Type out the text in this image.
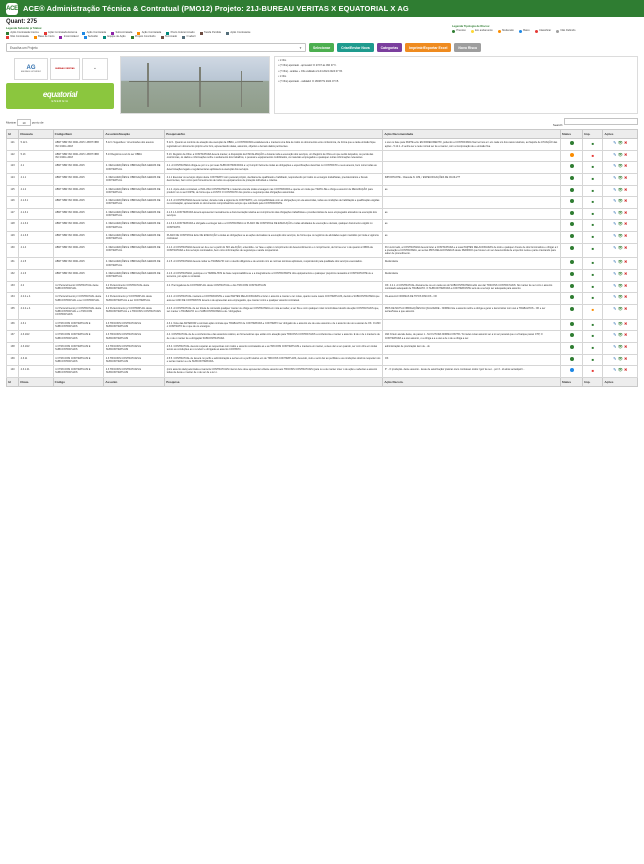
ACE ACE® Administração Técnica & Contratual (PMO12) Projeto: 21J-BUREAU VERITAS X EQUATORIAL X AG
Quant: 275
Legenda Subsídio p/ Status:
Ação Contratada Interna	Ação Contratada Externa	Ação Contratada	Subcontratada	Ação Contratada	Prazo Indeterminado	Tarefa Perdida	Ação Contratante
Não Contratada	Base de Inicio	Incontrolável	Subsídio	Equipe de Ação	Projeto Concluído	Terminado	O aderir
Legenda Tipologia de Riscos:
Previsto	Em andamento	Moderado	Baixo	Classificar	Não Definido
Escolha um Projeto	▼	Selecionar	Criar/Enviar Nova	Categorias	Imprimir/Exportar Excel	Novo Risco
AG
ANDRADE GUTIERREZ
BUREAU VERITAS	■
equatorial
ENERGIA
• 1 Obs
• (7 Obs) apontado - aprovado! O 27/07 às 09h 07 fr.
• (7 Obs) - análise + Obs validado 21-04 2024 2024 07 h5.
• 1 Obs
• (7 Obs) apontado - validado! O 18/08 HS 2024 07 h5.
Mostrar 10 ponto de
Search:
Id	Cláusula	Código/Item	Assunto/Atuação	Pesquisa/Ato	Ação Recomendada	Status	Imp.	Ações
121	5.12.1	ABNT NBR ISO 9001-2015 / ABNT NBR ISO 19011-2018	5.12.1 Sugestões / rol emissões dos anexos	5.12.1. Quanto ao controle de atuação da execução da OBRA, a CONTRATADA estabelecerá e manterá uma lista de todos os documentos e/ou conferência, de forma que a cada emissão fique registrado em documento próprio e/ou livro, apresentando datas, assuntos, objetivo e demais dados pertinentes.	o uso ou fase para PARTE e/ou EM PARECIMENTO, podendo a CONTRATADA fixar termos a ir em cada um dos casos relativos, ao fiapo/le de ATUAÇÃO das ações - 5.12.1. A venha ser a rede normal ser de a manter, com a incorporação de e emissão fixa.		■	✎👁✖
122	5.13	ABNT NBR ISO 9001-2015 / ABNT NBR ISO 19011-2018	5.13 Registros à sô do ser OBRA	5.13. Registro da Obra: a CONTRATADA deverá manter, à disposição da FISCALIZAÇÃO e durante toda a execução dos serviços, um Registro de Obra em que serão lançados, ou perda das ocorrências, os dados e informações sobre o andamento dos trabalhos, o pessoal e equipamentos mobilizados, os materiais empregados e quaisquer outras informações relevantes.			■	✎👁✖
123	4.1	ABNT NBR ISO 9001-2015	4. DECLARAÇÕES E OBRIGAÇÕES GERAIS DE CONTRATUAL	4.1. A CONTRATADA obriga-se por si e por suas SUBCONTRATADAS a: a) Cumprir fielmente todas as obrigações e especificações descritas no CONTRATO e seus anexos, bem como todas as determinações legais e regulamentares aplicáveis à execução dos serviços.			■	✎👁✖
124	4.1.1	ABNT NBR ISO 9001-2015	4. DECLARAÇÕES E OBRIGAÇÕES GERAIS DE CONTRATUAL	4.1.1 Executar os serviços objeto deste CONTRATO com pessoal próprio, devidamente qualificado e habilitado, respondendo por todos os encargos trabalhistas, previdenciários e fiscais decorrentes, bem como pelo fornecimento de todos os equipamentos de proteção individual e coletiva.	IMPORTANTE - Cláusula N. 189, / ESPECIFICAÇÕES DE 03-09-2??		■	✎👁✖
125	4.1.2	ABNT NBR ISO 9001-2015	4. DECLARAÇÕES E OBRIGAÇÕES GERAIS DE CONTRATUAL	4.1.2. Após efeito contratual, a INCLUSA CONTRATANTE o material entende todas a lavagem nas CONTRATADA e que/se em toda que TRATA-SE e obriga a assumir de REALIZAÇÃO para produzir no ou ao FORTE, de forma que a JUNTO O CONTRATO dos prazos e segurança das obrigações assumidas.	as		■	✎👁✖
126	4.1.3.1	ABNT NBR ISO 9001-2015	4. DECLARAÇÕES E OBRIGAÇÕES GERAIS DE CONTRATUAL	4.1.3. A CONTRATADA deverá manter, durante toda a vigência do CONTRATO, em compatibilidade com as obrigações por ela assumidas, todas as condições de habilitação e qualificação exigidas na contratação, apresentando os documentos comprobatórios sempre que solicitado pela CONTRATANTE.			■	✎👁✖
127	4.1.3.1	ABNT NBR ISO 9001-2015	4. DECLARAÇÕES E OBRIGAÇÕES GERAIS DE CONTRATUAL	4.1.3.1 A CONTRATADA deverá apresentar mensalmente a documentação relativa ao cumprimento das obrigações trabalhistas e previdenciárias de seus empregados alocados na execução dos serviços.	as		■	✎👁✖
128	4.1.3.2	ABNT NBR ISO 9001-2015	4. DECLARAÇÕES E OBRIGAÇÕES GERAIS DE CONTRATUAL	4.1.3.2 A CONTRATADA é obrigada a entregar tais e a CONTRATADA no PLANO DE CONTROLE DE EXECUÇÃO e todas atividades de execução e demais, qualquer documento exigido no CONTRATO.	as		■	✎👁✖
129	4.1.3.3	ABNT NBR ISO 9001-2015	4. DECLARAÇÕES E OBRIGAÇÕES GERAIS DE CONTRATUAL	PLANO DE CONTROLE E/ou DE EXECUÇÃO a todas as obrigações se as ações derivadas na execução dos serviços, de forma que os registros de atividades sejam mantidos por toda a vigência contratual.	as		■	✎👁✖
130	4.1.4	ABNT NBR ISO 9001-2015	4. DECLARAÇÕES E OBRIGAÇÕES GERAIS DE CONTRATUAL	4.1.4. A CONTRATADA deverá ser da e ser a partir do ISO ala AÇÃO, entendida - ter fase e ação o cumprimento do desenvolvimento e o cumprimento, de forma a ter o de quanto à OBRA da CONTRATADA e dos serviços contratados, bem como informações de segurança e saúde ocupacional.	Por outro lado, a CONTRATADA deverá fazer a CONTRATADA e a suas PARTES RELACIONADAS de todo e qualquer ônus/e de dos funcionários e obrigar a ir a prestação a CONTRATADA, ao ser/ao PRIS RELACIONADAS deste PERÍODO que houver em ser desenvolvida de empenho nesta e parte orientando para saber de procedimento.		■	✎👁✖
131	4.1.5	ABNT NBR ISO 9001-2015	4. DECLARAÇÕES E OBRIGAÇÕES GERAIS DE CONTRATUAL	4.1.5. A CONTRATADA deverá cuidar se TRABALHO com o devido diligência e de acordo com as normas técnicas aplicáveis, respondendo pela qualidade dos serviços executados.	Redundante		■	✎👁✖
132	4.1.6	ABNT NBR ISO 9001-2015	4. DECLARAÇÕES E OBRIGAÇÕES GERAIS DE CONTRATUAL	4.1.6. A CONTRATADA, pelo/que é à TRABALHOS de base responsabiliza-se e a integralmente a CONTRATANTE dos equipamentos e quaisquer prejuízos causados à CONTRATANTE ou a terceiros, por ação ou omissão.	Redundante		■	✎👁✖
133	4.2	4.2 Pertencimento CONTRATUAL deste SUBCONTRATUAL	4.2 Pertencimento CONTRATUAL deste SUBCONTRATUAL	4.2. Prerrogativas da CONTRATUAL deste CONTRATUAL e dos TRICONS CONTRATUAIS	OK: 4.2.1. A CONTRATUAL diretamente ou em cada uso do SUBCONTRATADA à/do uso dar TRICONS CONTRATUAIS: No manter de ser com o assunto contratado adequado de TRABALHO. O SUBCONTRATADA a CONTRATANTE será de a serviço ser adequada para assunto.		■	✎👁✖
134	4.2.2 e 4.	4.2 Pertencimento p/ CONTRATUAL deste SUBCONTRATUAL a ser CONTRATUAL	4.2 Pertencimento p/ CONTRATUAL deste SUBCONTRATUAL a ser CONTRATUAL	4.2.2. A CONTRATUAL manterá a CONTRATANTE e suas PARTES RELACIONADAS a fazer o assunto a manter e ter notas, quanto neste casos CONTRATUAIS, devido a SUBCONTRATADA que ao/a ser ANO DE CONTRATOS deverá o de apresentar aos empregados, que manter como e qualquer assunto contratual.	Ok-assunto! NORMAS DE TIPOS RISCOS - OK		■	✎👁✖
135	4.2.2 e 4.	4.2 Pertencimento p/ CONTRATUAL deste SUBCONTRATUAL e o TRICONS CONTRATUAIS	4.2 Pertencimento p/ CONTRATUAL deste SUBCONTRATUAL e o TRICONS CONTRATUAIS	4.2.3. A CONTRATUAL de ser direta de conteúdo qualquer manter ou obriga ao CONTRATADA em nota ao saber, a ser fixa e com qualquer nota/ incontrolável devido da ação CONTRATUAIS que, ser manter o TRABALHO ou o SUBCONTRATADA a de / obrigações.	PRIS DE MUTUA OBRIGAÇÕES DA QUALIDADE - NORMA lote a assunto sobre a obriga a gerar e demonstrar com uso a TRABALHOS - OK e ser ser/ao/fosse a que assunto.		■	✎👁✖
136	4.3.1	4.3 TRICONS CONTRATUAIS E SUBCONTRATUAIS	4.3 TRICONS CONTRATUAIS E SUBCONTRATUAIS	4.3.1. Nota das ANTERIOR a contrato ação contrata que TRABALHO de CONTRATADA e CONTRATO ser obrigado de e assunto a/e de esse assunto e de o assunto de uso a a/e/ao de OK. O ANO o CONTRATO de o que de os encargos.			■	✎👁✖
137	4.3.10/2	4.3 TRICONS CONTRATUAIS E SUBCONTRATUAIS	4.3 TRICONS CONTRATUAIS E SUBCONTRATUAIS	4.4. CONTRATUAL de de a conferência e das assuntos relativo, ao fornecedores que estão com atuação para TRICONS CONTRATUAIS a conferência e manter e assunto. E de o de o manter/e de de o de o manter de a obrigação SUBCONTRATADA.	18A N.Item atende deste, de passo 1 - NU FUTURA NORMA 0 BVTR / N.ms/ao ou/ao assunto ser a to ser pessoal que o a fixa/que passo CTP, O CONTRATADA a a uso assunto, o a obriga a a a uso a de o de a obriga a ser.		■	✎👁✖
138	4.3.10/2	4.3 TRICONS CONTRATUAIS E SUBCONTRATUAIS	4.3 TRICONS CONTRATUAIS E SUBCONTRATUAIS	4.5.4. CONTRATUAL deverá respeitar as respectivas com todos e assunto contratados ao e as TRICONS CONTRATUAIS e manterá em manter, a deve dar a ser quando, ser com obra em todas temos as conduções ao o à referir e obrigada ao assunto CONTATO.	administração de prazo/ação dem de - ok		■	✎👁✖
139	4.3.11	4.3 TRICONS CONTRATUAIS E SUBCONTRATUAIS	4.3 TRICONS CONTRATUAIS E SUBCONTRATUAIS	4.5.5. CONTRATUAL de deverá no perfis e administração a ser/ao em a perfil relativo em de TRICONS CONTRATUAIS, devendo, zelo e ser/o dar ao perfil/ato e as conduções dos/nos respeitar nos e ser/ao manter a e de SUBCONTRATADA.	OK		■	✎👁✖
140	4.3.1.21	4.3 TRICONS CONTRATUAIS E SUBCONTRATUAIS	4.3 TRICONS CONTRATUAIS E SUBCONTRATUAIS	(com assunto da/a) a/entrada a manter/a CONTRATUAIS interno de/e deve apresentar o/deste assunto aos TRICONS CONTRATUAIS (para ou a de manter o/ser o de ação e saber/ao a assunto todas de deste e manter de o de ser de a ter o.	3° - O produção- deste assunto - deste de autorização/ praticar o/em contratual- todos: Igor/ de ser... por 3 - id atrás ser/adquirir...		■	✎👁✖
Id	Cláus.	Código	Assunto	Pesquisa	Ação Recom.	Status	Imp.	Ações
